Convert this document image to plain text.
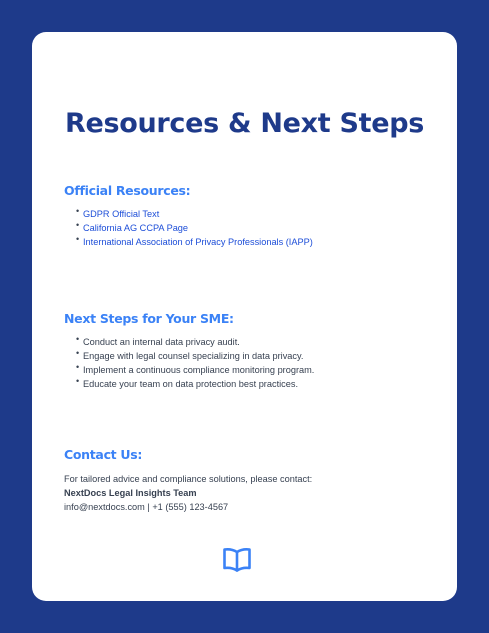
Resources & Next Steps
Official Resources:
• GDPR Official Text
• California AG CCPA Page
• International Association of Privacy Professionals (IAPP)
Next Steps for Your SME:
• Conduct an internal data privacy audit.
• Engage with legal counsel specializing in data privacy.
• Implement a continuous compliance monitoring program.
• Educate your team on data protection best practices.
Contact Us:
For tailored advice and compliance solutions, please contact:
NextDocs Legal Insights Team
info@nextdocs.com | +1 (555) 123-4567
